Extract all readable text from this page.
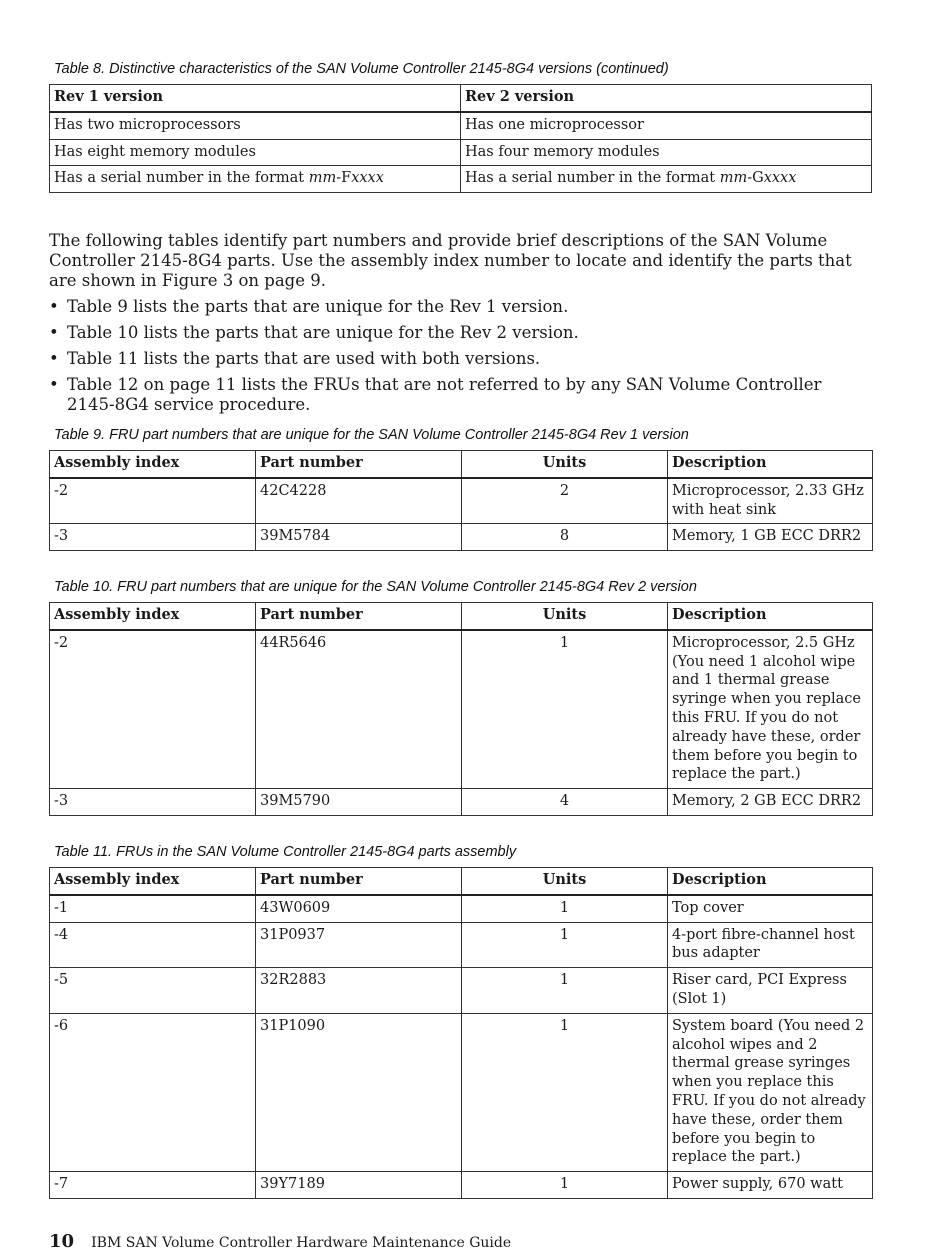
Table 8. Distinctive characteristics of the SAN Volume Controller 2145-8G4 versions (continued)
Rev 1 version	Rev 2 version
Has two microprocessors	Has one microprocessor
Has eight memory modules	Has four memory modules
Has a serial number in the format mm-Fxxxx	Has a serial number in the format mm-Gxxxx

The following tables identify part numbers and provide brief descriptions of the SAN Volume Controller 2145-8G4 parts. Use the assembly index number to locate and identify the parts that are shown in Figure 3 on page 9.

• Table 9 lists the parts that are unique for the Rev 1 version.
• Table 10 lists the parts that are unique for the Rev 2 version.
• Table 11 lists the parts that are used with both versions.
• Table 12 on page 11 lists the FRUs that are not referred to by any SAN Volume Controller 2145-8G4 service procedure.
Table 9. FRU part numbers that are unique for the SAN Volume Controller 2145-8G4 Rev 1 version
Assembly index	Part number	Units	Description
-2	42C4228	2	Microprocessor, 2.33 GHz with heat sink
-3	39M5784	8	Memory, 1 GB ECC DRR2
Table 10. FRU part numbers that are unique for the SAN Volume Controller 2145-8G4 Rev 2 version
Assembly index	Part number	Units	Description
-2	44R5646	1	Microprocessor, 2.5 GHz (You need 1 alcohol wipe and 1 thermal grease syringe when you replace this FRU. If you do not already have these, order them before you begin to replace the part.)
-3	39M5790	4	Memory, 2 GB ECC DRR2
Table 11. FRUs in the SAN Volume Controller 2145-8G4 parts assembly
Assembly index	Part number	Units	Description
-1	43W0609	1	Top cover
-4	31P0937	1	4-port fibre-channel host bus adapter
-5	32R2883	1	Riser card, PCI Express (Slot 1)
-6	31P1090	1	System board (You need 2 alcohol wipes and 2 thermal grease syringes when you replace this FRU. If you do not already have these, order them before you begin to replace the part.)
-7	39Y7189	1	Power supply, 670 watt
10 IBM SAN Volume Controller Hardware Maintenance Guide
